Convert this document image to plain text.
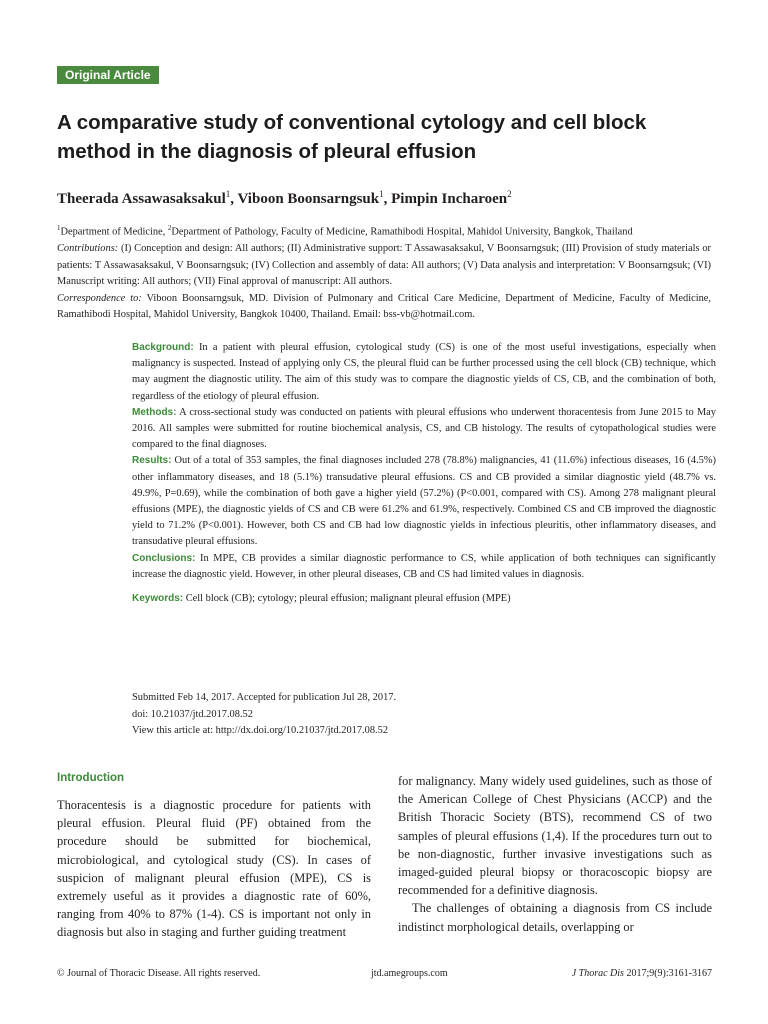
Original Article
A comparative study of conventional cytology and cell block method in the diagnosis of pleural effusion
Theerada Assawasaksakul$^1$, Viboon Boonsarngsuk$^1$, Pimpin Incharoen$^2$
$^1$Department of Medicine, $^2$Department of Pathology, Faculty of Medicine, Ramathibodi Hospital, Mahidol University, Bangkok, Thailand
Contributions: (I) Conception and design: All authors; (II) Administrative support: T Assawasaksakul, V Boonsarngsuk; (III) Provision of study materials or patients: T Assawasaksakul, V Boonsarngsuk; (IV) Collection and assembly of data: All authors; (V) Data analysis and interpretation: V Boonsarngsuk; (VI) Manuscript writing: All authors; (VII) Final approval of manuscript: All authors.
Correspondence to: Viboon Boonsarngsuk, MD. Division of Pulmonary and Critical Care Medicine, Department of Medicine, Faculty of Medicine, Ramathibodi Hospital, Mahidol University, Bangkok 10400, Thailand. Email: bss-vb@hotmail.com.

Background: In a patient with pleural effusion, cytological study (CS) is one of the most useful investigations, especially when malignancy is suspected. Instead of applying only CS, the pleural fluid can be further processed using the cell block (CB) technique, which may augment the diagnostic utility. The aim of this study was to compare the diagnostic yields of CS, CB, and the combination of both, regardless of the etiology of pleural effusion.

Methods: A cross-sectional study was conducted on patients with pleural effusions who underwent thoracentesis from June 2015 to May 2016. All samples were submitted for routine biochemical analysis, CS, and CB histology. The results of cytopathological studies were compared to the final diagnoses.

Results: Out of a total of 353 samples, the final diagnoses included 278 (78.8%) malignancies, 41 (11.6%) infectious diseases, 16 (4.5%) other inflammatory diseases, and 18 (5.1%) transudative pleural effusions. CS and CB provided a similar diagnostic yield (48.7% vs. 49.9%, P=0.69), while the combination of both gave a higher yield (57.2%) (P<0.001, compared with CS). Among 278 malignant pleural effusions (MPE), the diagnostic yields of CS and CB were 61.2% and 61.9%, respectively. Combined CS and CB improved the diagnostic yield to 71.2% (P<0.001). However, both CS and CB had low diagnostic yields in infectious pleuritis, other inflammatory diseases, and transudative pleural effusions.

Conclusions: In MPE, CB provides a similar diagnostic performance to CS, while application of both techniques can significantly increase the diagnostic yield. However, in other pleural diseases, CB and CS had limited values in diagnosis.

Keywords: Cell block (CB); cytology; pleural effusion; malignant pleural effusion (MPE)

Submitted Feb 14, 2017. Accepted for publication Jul 28, 2017.
doi: 10.21037/jtd.2017.08.52
View this article at: http://dx.doi.org/10.21037/jtd.2017.08.52
Introduction

Thoracentesis is a diagnostic procedure for patients with pleural effusion. Pleural fluid (PF) obtained from the procedure should be submitted for biochemical, microbiological, and cytological study (CS). In cases of suspicion of malignant pleural effusion (MPE), CS is extremely useful as it provides a diagnostic rate of 60%, ranging from 40% to 87% (1-4). CS is important not only in diagnosis but also in staging and further guiding treatment

for malignancy. Many widely used guidelines, such as those of the American College of Chest Physicians (ACCP) and the British Thoracic Society (BTS), recommend CS of two samples of pleural effusions (1,4). If the procedures turn out to be non-diagnostic, further invasive investigations such as imaged-guided pleural biopsy or thoracoscopic biopsy are recommended for a definitive diagnosis.

The challenges of obtaining a diagnosis from CS include indistinct morphological details, overlapping or

© Journal of Thoracic Disease. All rights reserved.	jtd.amegroups.com	J Thorac Dis 2017;9(9):3161-3167
